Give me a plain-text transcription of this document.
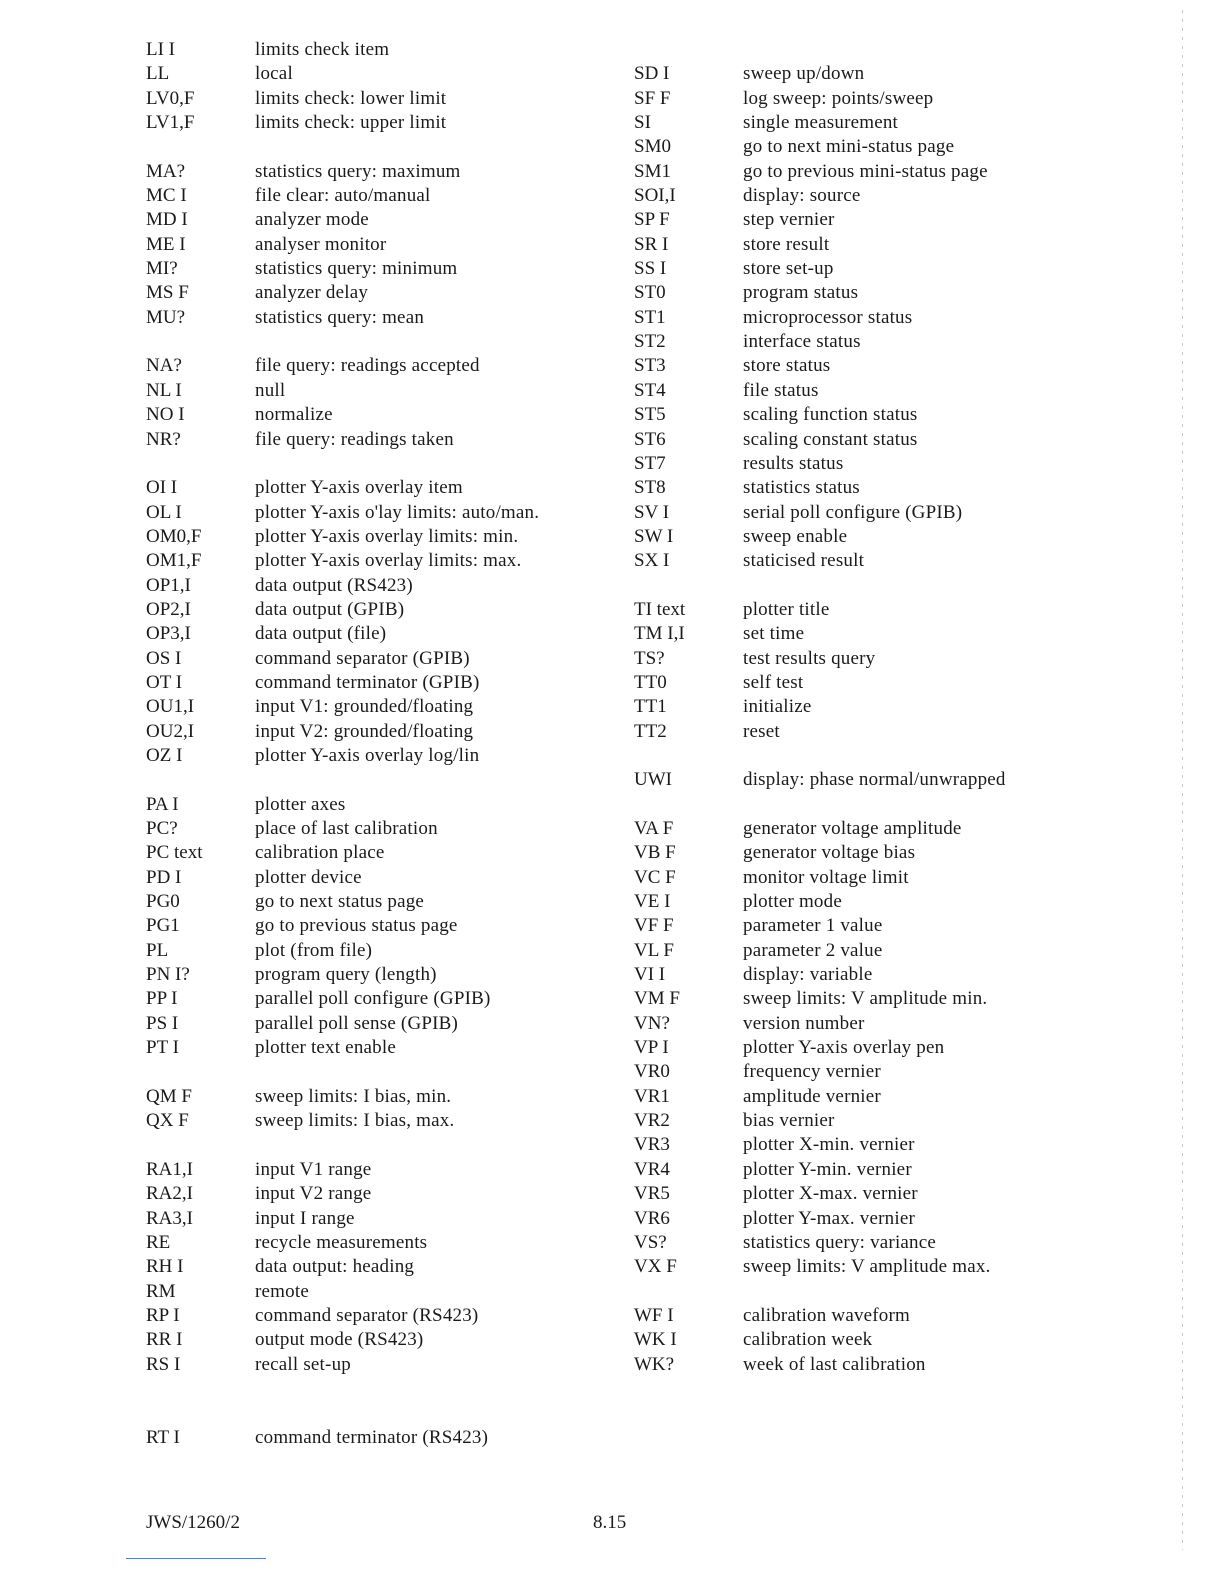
LI I	limits check item
LL	local
LV0,F	limits check: lower limit
LV1,F	limits check: upper limit
MA?	statistics query: maximum
MC I	file clear: auto/manual
MD I	analyzer mode
ME I	analyser monitor
MI?	statistics query: minimum
MS F	analyzer delay
MU?	statistics query: mean
NA?	file query: readings accepted
NL I	null
NO I	normalize
NR?	file query: readings taken
OI I	plotter Y-axis overlay item
OL I	plotter Y-axis o'lay limits: auto/man.
OM0,F	plotter Y-axis overlay limits: min.
OM1,F	plotter Y-axis overlay limits: max.
OP1,I	data output (RS423)
OP2,I	data output (GPIB)
OP3,I	data output (file)
OS I	command separator (GPIB)
OT I	command terminator (GPIB)
OU1,I	input V1: grounded/floating
OU2,I	input V2: grounded/floating
OZ I	plotter Y-axis overlay log/lin
PA I	plotter axes
PC?	place of last calibration
PC text	calibration place
PD I	plotter device
PG0	go to next status page
PG1	go to previous status page
PL	plot (from file)
PN I?	program query (length)
PP I	parallel poll configure (GPIB)
PS I	parallel poll sense (GPIB)
PT I	plotter text enable
QM F	sweep limits: I bias, min.
QX F	sweep limits: I bias, max.
RA1,I	input V1 range
RA2,I	input V2 range
RA3,I	input I range
RE	recycle measurements
RH I	data output: heading
RM	remote
RP I	command separator (RS423)
RR I	output mode (RS423)
RS I	recall set-up
RT I	command terminator (RS423)
SD I	sweep up/down
SF F	log sweep: points/sweep
SI	single measurement
SM0	go to next mini-status page
SM1	go to previous mini-status page
SOI,I	display: source
SP F	step vernier
SR I	store result
SS I	store set-up
ST0	program status
ST1	microprocessor status
ST2	interface status
ST3	store status
ST4	file status
ST5	scaling function status
ST6	scaling constant status
ST7	results status
ST8	statistics status
SV I	serial poll configure (GPIB)
SW I	sweep enable
SX I	staticised result
TI text	plotter title
TM I,I	set time
TS?	test results query
TT0	self test
TT1	initialize
TT2	reset
UWI	display: phase normal/unwrapped
VA F	generator voltage amplitude
VB F	generator voltage bias
VC F	monitor voltage limit
VE I	plotter mode
VF F	parameter 1 value
VL F	parameter 2 value
VI I	display: variable
VM F	sweep limits: V amplitude min.
VN?	version number
VP I	plotter Y-axis overlay pen
VR0	frequency vernier
VR1	amplitude vernier
VR2	bias vernier
VR3	plotter X-min. vernier
VR4	plotter Y-min. vernier
VR5	plotter X-max. vernier
VR6	plotter Y-max. vernier
VS?	statistics query: variance
VX F	sweep limits: V amplitude max.
WF I	calibration waveform
WK I	calibration week
WK?	week of last calibration
JWS/1260/2	8.15
